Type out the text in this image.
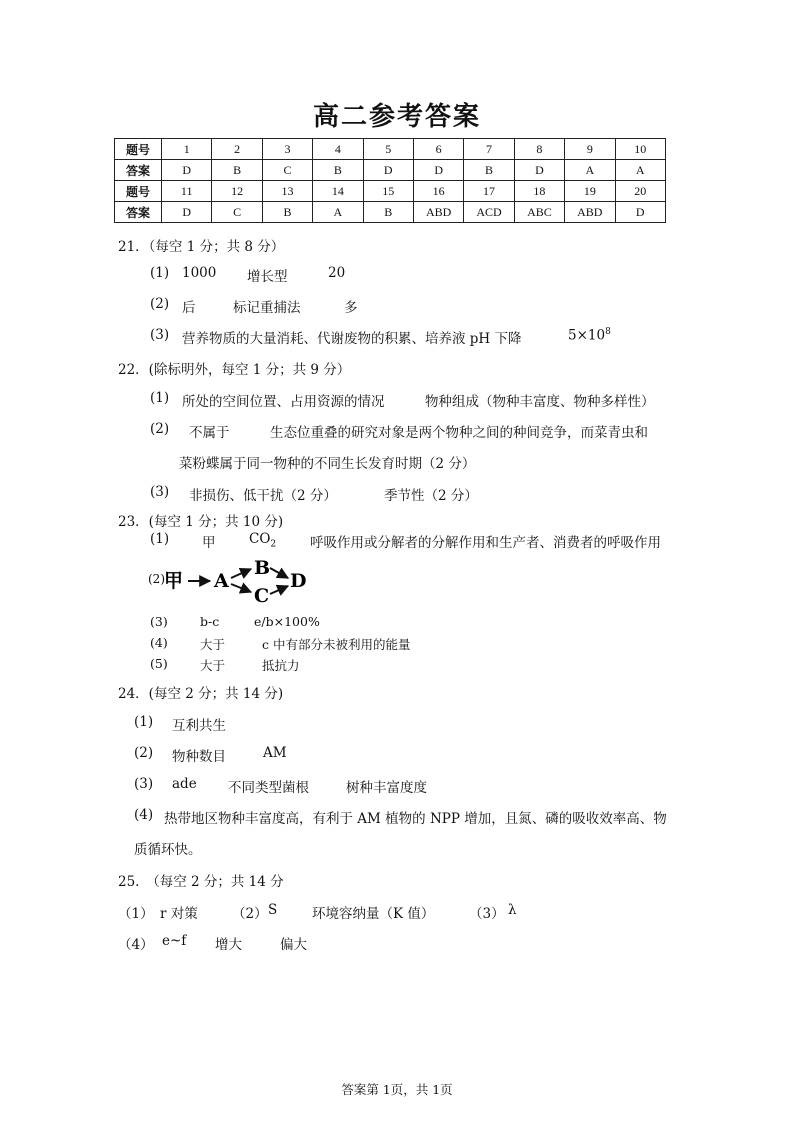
高二参考答案
题号	1	2	3	4	5	6	7	8	9	10
答案	D	B	C	B	D	D	B	D	A	A
题号	11	12	13	14	15	16	17	18	19	20
答案	D	C	B	A	B	ABD	ACD	ABC	ABD	D
21．（每空 1 分；共 8 分）
(1) 1000 增长型	20
(2) 后	标记重捕法	多
(3) 营养物质的大量消耗、代谢废物的积累、培养液 pH 下降	$5\times 10^8$
22．(除标明外，每空 1 分；共 9 分）
(1) 所处的空间位置、占用资源的情况	物种组成（物种丰富度、物种多样性）
(2) 不属于	生态位重叠的研究对象是两个物种之间的种间竞争，而菜青虫和
菜粉蝶属于同一物种的不同生长发育时期（2 分）
(3) 非损伤、低干扰（2 分）	季节性（2 分）
23．(每空 1 分；共 10 分)
(1) 甲 $CO_2$	呼吸作用或分解者的分解作用和生产者、消费者的呼吸作用
(2) 甲 A
B
C
D
(3)	b-c	e/b×100%
(4)	大于	c 中有部分未被利用的能量
(5)	大于	抵抗力
24．(每空 2 分；共 14 分)
(1) 互利共生
(2) 物种数目	AM
(3) ade 不同类型菌根	树种丰富度度
(4) 热带地区物种丰富度高，有利于 AM 植物的 NPP 增加，且氮、磷的吸收效率高、物
质循环快。
25.　（每空 2 分；共 14 分
（1） r 对策	（2） S	环境容纳量（K 值）	（3） λ
（4） e~f 增大	偏大
答案第 1页，共 1页
